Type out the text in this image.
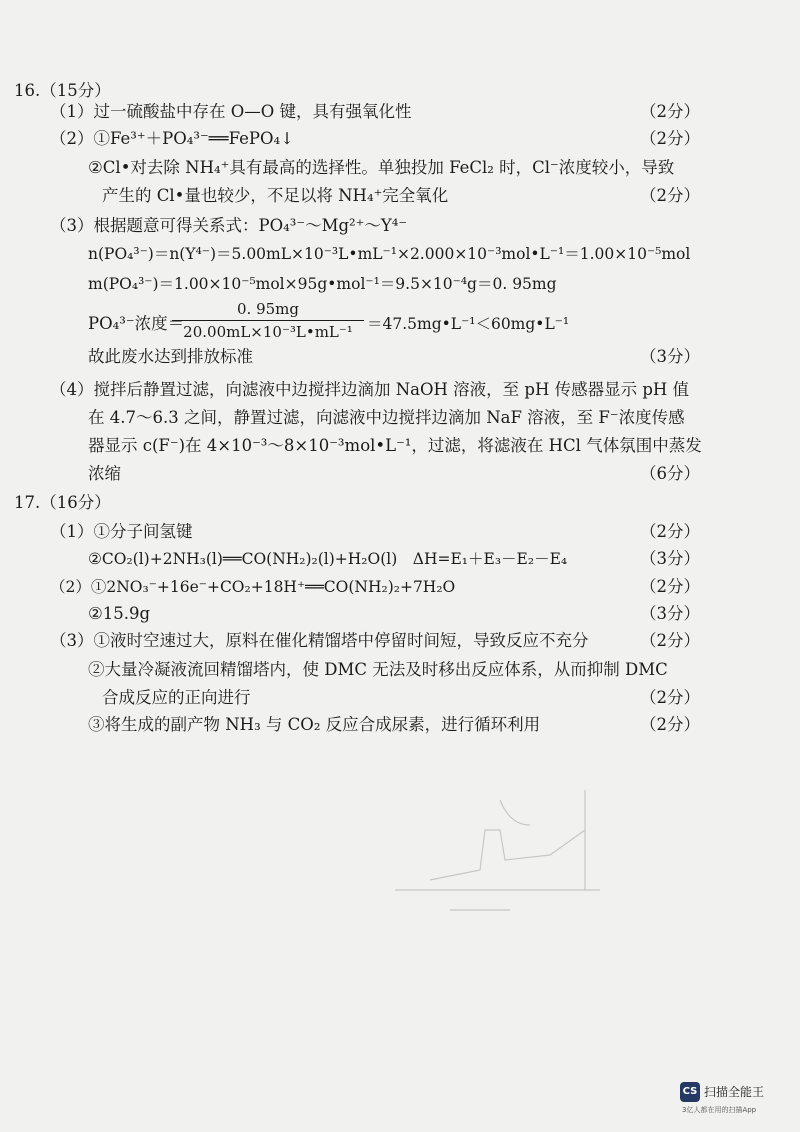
16.（15分）
（1）过一硫酸盐中存在 O—O 键，具有强氧化性	（2分）
（2）①Fe³⁺＋PO₄³⁻══FePO₄↓	（2分）
②Cl•对去除 NH₄⁺具有最高的选择性。单独投加 FeCl₂ 时，Cl⁻浓度较小，导致
产生的 Cl•量也较少，不足以将 NH₄⁺完全氧化	（2分）
（3）根据题意可得关系式：PO₄³⁻～Mg²⁺～Y⁴⁻
n(PO₄³⁻)＝n(Y⁴⁻)＝5.00mL×10⁻³L•mL⁻¹×2.000×10⁻³mol•L⁻¹＝1.00×10⁻⁵mol
m(PO₄³⁻)＝1.00×10⁻⁵mol×95g•mol⁻¹＝9.5×10⁻⁴g＝0. 95mg
PO₄³⁻浓度＝
0. 95mg
20.00mL×10⁻³L•mL⁻¹ ＝47.5mg•L⁻¹＜60mg•L⁻¹
故此废水达到排放标准	（3分）
（4）搅拌后静置过滤，向滤液中边搅拌边滴加 NaOH 溶液，至 pH 传感器显示 pH 值
在 4.7～6.3 之间，静置过滤，向滤液中边搅拌边滴加 NaF 溶液，至 F⁻浓度传感
器显示 c(F⁻)在 4×10⁻³～8×10⁻³mol•L⁻¹，过滤，将滤液在 HCl 气体氛围中蒸发
浓缩	（6分）
17.（16分）
（1）①分子间氢键	（2分）
②CO₂(l)+2NH₃(l)══CO(NH₂)₂(l)+H₂O(l)　ΔH=E₁＋E₃－E₂－E₄	（3分）
（2）①2NO₃⁻+16e⁻+CO₂+18H⁺══CO(NH₂)₂+7H₂O	（2分）
②15.9g	（3分）
（3）①液时空速过大，原料在催化精馏塔中停留时间短，导致反应不充分	（2分）
②大量冷凝液流回精馏塔内，使 DMC 无法及时移出反应体系，从而抑制 DMC
合成反应的正向进行	（2分）
③将生成的副产物 NH₃ 与 CO₂ 反应合成尿素，进行循环利用	（2分）
CS 扫描全能王
3亿人都在用的扫描App
